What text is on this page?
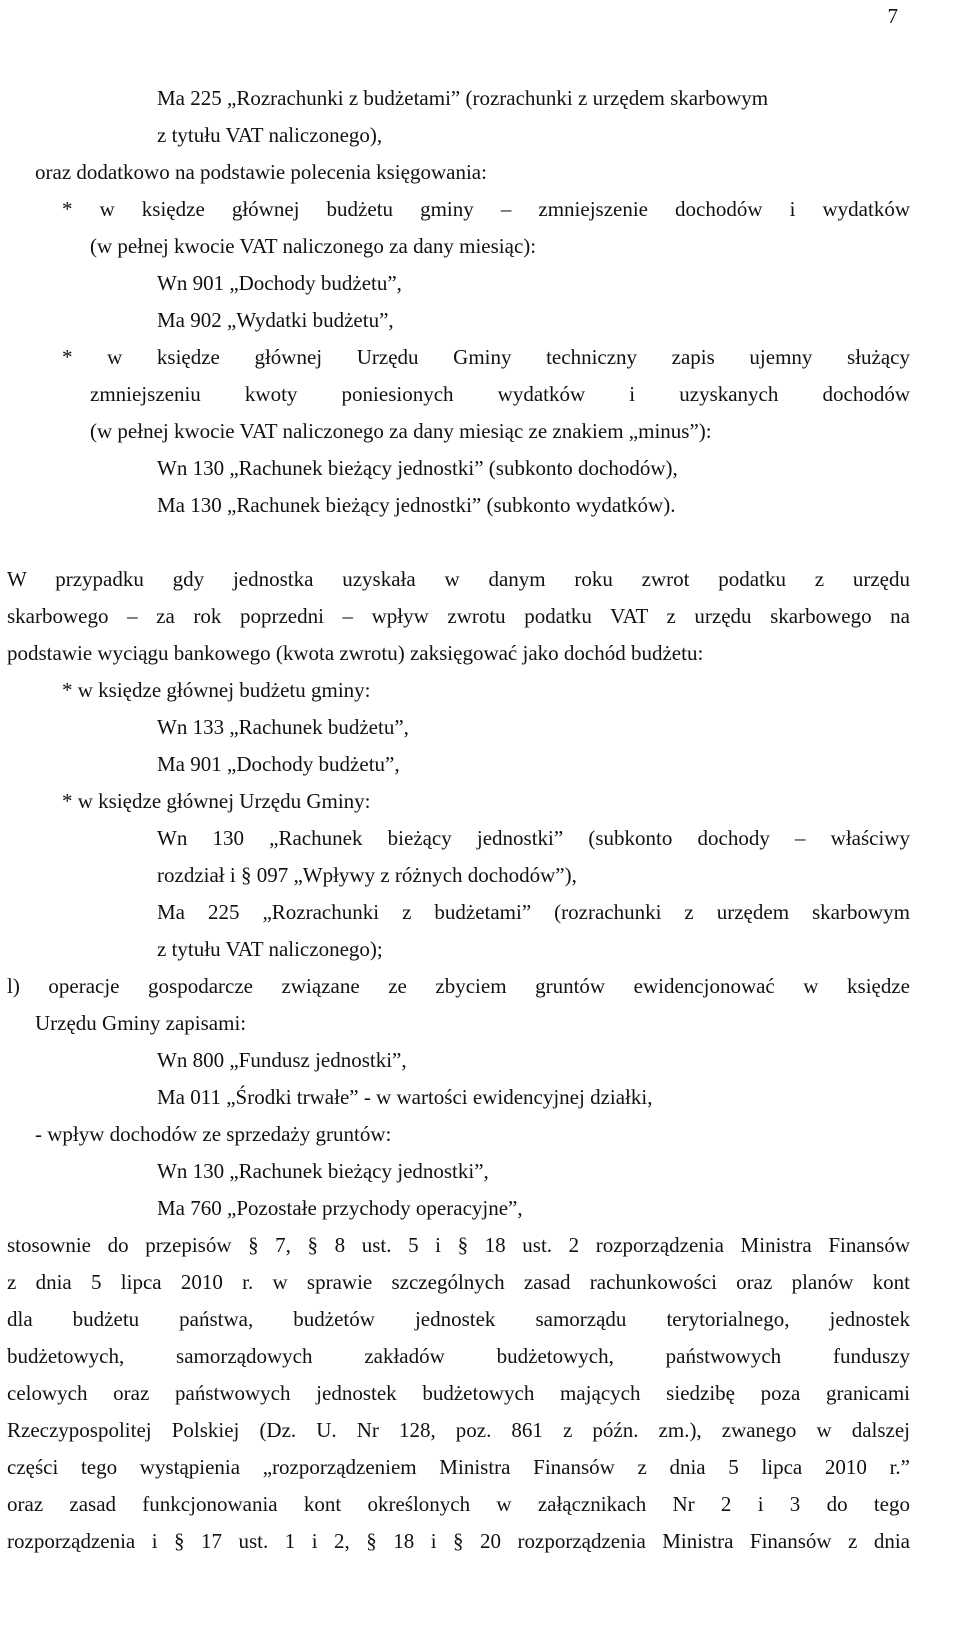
7
Ma 225 „Rozrachunki z budżetami” (rozrachunki z urzędem skarbowym
z tytułu VAT naliczonego),
oraz dodatkowo na podstawie polecenia księgowania:
* w księdze głównej budżetu gminy – zmniejszenie dochodów i wydatków
(w pełnej kwocie VAT naliczonego za dany miesiąc):
Wn 901 „Dochody budżetu”,
Ma 902 „Wydatki budżetu”,
* w księdze głównej Urzędu Gminy techniczny zapis ujemny służący
zmniejszeniu kwoty poniesionych wydatków i uzyskanych dochodów
(w pełnej kwocie VAT naliczonego za dany miesiąc ze znakiem „minus”):
Wn 130 „Rachunek bieżący jednostki” (subkonto dochodów),
Ma 130 „Rachunek bieżący jednostki” (subkonto wydatków).
W przypadku gdy jednostka uzyskała w danym roku zwrot podatku z urzędu
skarbowego – za rok poprzedni – wpływ zwrotu podatku VAT z urzędu skarbowego na
podstawie wyciągu bankowego (kwota zwrotu) zaksięgować jako dochód budżetu:
* w księdze głównej budżetu gminy:
Wn 133 „Rachunek budżetu”,
Ma 901 „Dochody budżetu”,
* w księdze głównej Urzędu Gminy:
Wn 130 „Rachunek bieżący jednostki” (subkonto dochody – właściwy
rozdział i § 097 „Wpływy z różnych dochodów”),
Ma 225 „Rozrachunki z budżetami” (rozrachunki z urzędem skarbowym
z tytułu VAT naliczonego);
l) operacje gospodarcze związane ze zbyciem gruntów ewidencjonować w księdze
Urzędu Gminy zapisami:
Wn 800 „Fundusz jednostki”,
Ma 011 „Środki trwałe” - w wartości ewidencyjnej działki,
- wpływ dochodów ze sprzedaży gruntów:
Wn 130 „Rachunek bieżący jednostki”,
Ma 760 „Pozostałe przychody operacyjne”,
stosownie do przepisów § 7, § 8 ust. 5 i § 18 ust. 2 rozporządzenia Ministra Finansów
z dnia 5 lipca 2010 r. w sprawie szczególnych zasad rachunkowości oraz planów kont
dla budżetu państwa, budżetów jednostek samorządu terytorialnego, jednostek
budżetowych, samorządowych zakładów budżetowych, państwowych funduszy
celowych oraz państwowych jednostek budżetowych mających siedzibę poza granicami
Rzeczypospolitej Polskiej (Dz. U. Nr 128, poz. 861 z późn. zm.), zwanego w dalszej
części tego wystąpienia „rozporządzeniem Ministra Finansów z dnia 5 lipca 2010 r.”
oraz zasad funkcjonowania kont określonych w załącznikach Nr 2 i 3 do tego
rozporządzenia i § 17 ust. 1 i 2, § 18 i § 20 rozporządzenia Ministra Finansów z dnia
